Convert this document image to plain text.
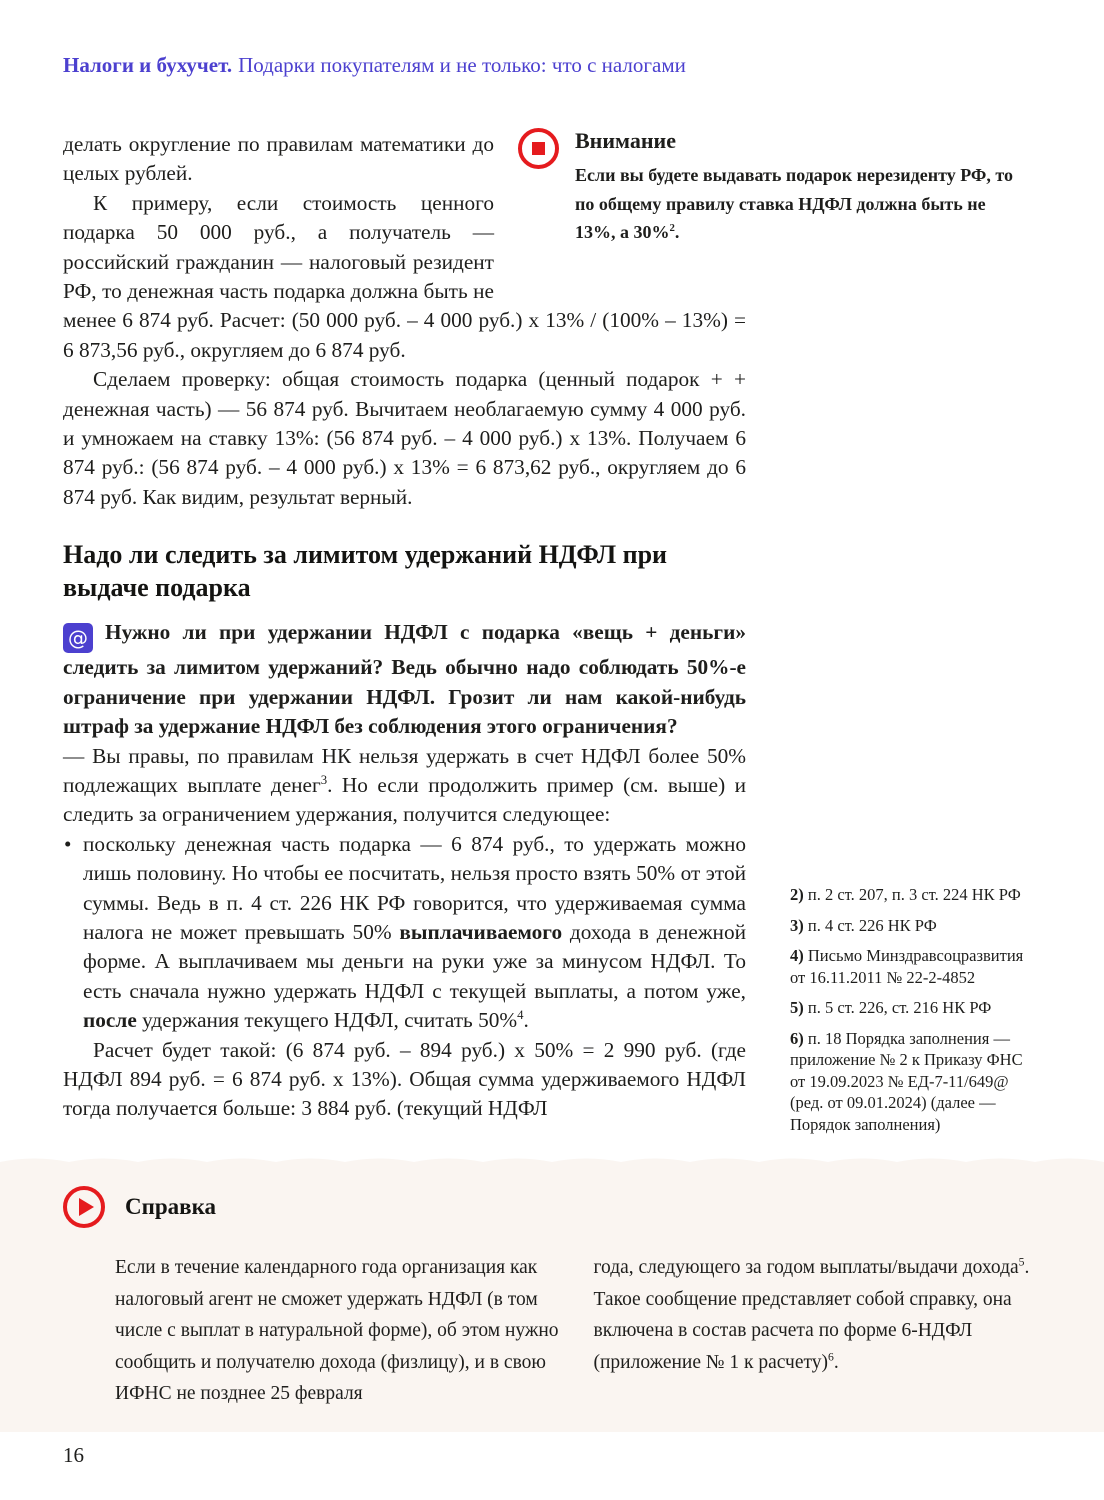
Налоги и бухучет. Подарки покупателям и не только: что с налогами
Внимание
Если вы будете выдавать подарок нерезиденту РФ, то по общему правилу ставка НДФЛ должна быть не 13%, а 30%$^2$.

делать округление по правилам математики до целых рублей.

К примеру, если стоимость ценного подарка 50 000 руб., а получатель — российский гражданин — налоговый резидент РФ, то денежная часть подарка должна быть не менее 6 874 руб. Расчет: (50 000 руб. – 4 000 руб.) х 13% / (100% – 13%) = 6 873,56 руб., округляем до 6 874 руб.

Сделаем проверку: общая стоимость подарка (ценный подарок + + денежная часть) — 56 874 руб. Вычитаем необлагаемую сумму 4 000 руб. и умножаем на ставку 13%: (56 874 руб. – 4 000 руб.) х 13%. Получаем 6 874 руб.: (56 874 руб. – 4 000 руб.) х 13% = 6 873,62 руб., округляем до 6 874 руб. Как видим, результат верный.

Надо ли следить за лимитом удержаний НДФЛ при выдаче подарка

@ Нужно ли при удержании НДФЛ с подарка «вещь + деньги» следить за лимитом удержаний? Ведь обычно надо соблюдать 50%-е ограничение при удержании НДФЛ. Грозит ли нам какой-нибудь штраф за удержание НДФЛ без соблюдения этого ограничения?

— Вы правы, по правилам НК нельзя удержать в счет НДФЛ более 50% подлежащих выплате денег$^3$. Но если продолжить пример (см. выше) и следить за ограничением удержания, получится следующее:

• поскольку денежная часть подарка — 6 874 руб., то удержать можно лишь половину. Но чтобы ее посчитать, нельзя просто взять 50% от этой суммы. Ведь в п. 4 ст. 226 НК РФ говорится, что удерживаемая сумма налога не может превышать 50% выплачиваемого дохода в денежной форме. А выплачиваем мы деньги на руки уже за минусом НДФЛ. То есть сначала нужно удержать НДФЛ с текущей выплаты, а потом уже, после удержания текущего НДФЛ, считать 50%$^4$.

Расчет будет такой: (6 874 руб. – 894 руб.) х 50% = 2 990 руб. (где НДФЛ 894 руб. = 6 874 руб. х 13%). Общая сумма удерживаемого НДФЛ тогда получается больше: 3 884 руб. (текущий НДФЛ

2) п. 2 ст. 207, п. 3 ст. 224 НК РФ
3) п. 4 ст. 226 НК РФ
4) Письмо Минздравсоцразвития от 16.11.2011 № 22-2-4852
5) п. 5 ст. 226, ст. 216 НК РФ
6) п. 18 Порядка заполнения — приложение № 2 к Приказу ФНС от 19.09.2023 № ЕД-7-11/649@ (ред. от 09.01.2024) (далее — Порядок заполнения)
Справка
Если в течение календарного года организация как налоговый агент не сможет удержать НДФЛ (в том числе с выплат в натуральной форме), об этом нужно сообщить и получателю дохода (физлицу), и в свою ИФНС не позднее 25 февраля
года, следующего за годом выплаты/выдачи дохода$^5$.
Такое сообщение представляет собой справку, она включена в состав расчета по форме 6-НДФЛ (приложение № 1 к расчету)$^6$.
16
